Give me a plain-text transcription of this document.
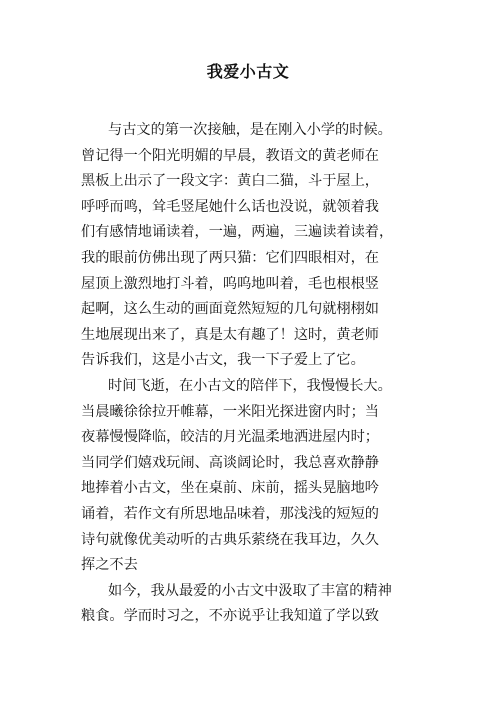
我爱小古文
与古文的第一次接触，是在刚入小学的时候。
曾记得一个阳光明媚的早晨，教语文的黄老师在
黑板上出示了一段文字：黄白二猫，斗于屋上，
呼呼而鸣，耸毛竖尾她什么话也没说，就领着我
们有感情地诵读着，一遍，两遍，三遍读着读着，
我的眼前仿佛出现了两只猫：它们四眼相对，在
屋顶上激烈地打斗着，呜呜地叫着，毛也根根竖
起啊，这么生动的画面竟然短短的几句就栩栩如
生地展现出来了，真是太有趣了！这时，黄老师
告诉我们，这是小古文，我一下子爱上了它。
时间飞逝，在小古文的陪伴下，我慢慢长大。
当晨曦徐徐拉开帷幕，一米阳光探进窗内时；当
夜幕慢慢降临，皎洁的月光温柔地洒进屋内时；
当同学们嬉戏玩闹、高谈阔论时，我总喜欢静静
地捧着小古文，坐在桌前、床前，摇头晃脑地吟
诵着，若作文有所思地品味着，那浅浅的短短的
诗句就像优美动听的古典乐萦绕在我耳边，久久
挥之不去
如今，我从最爱的小古文中汲取了丰富的精神
粮食。学而时习之，不亦说乎让我知道了学以致
